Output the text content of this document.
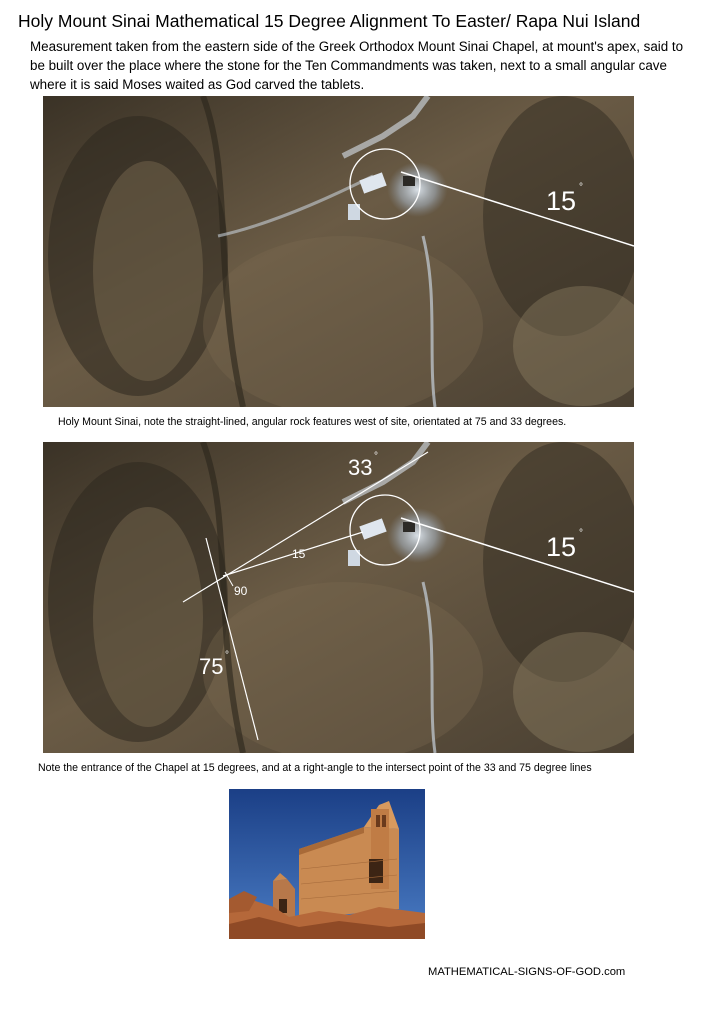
Holy Mount Sinai Mathematical 15 Degree Alignment To Easter/ Rapa Nui Island
Measurement taken from the eastern side of the Greek Orthodox Mount Sinai Chapel, at mount's apex, said to be built over the place where the stone for the Ten Commandments was taken, next to a small angular cave where it is said Moses waited as God carved the tablets.
15 °
Holy Mount Sinai, note the straight-lined, angular rock features west of site, orientated at 75 and 33 degrees.
33 °
15 °
15
90
75 °
Note the entrance of the Chapel at 15 degrees, and at a right-angle to the intersect point of the 33 and 75 degree lines
MATHEMATICAL-SIGNS-OF-GOD.com
